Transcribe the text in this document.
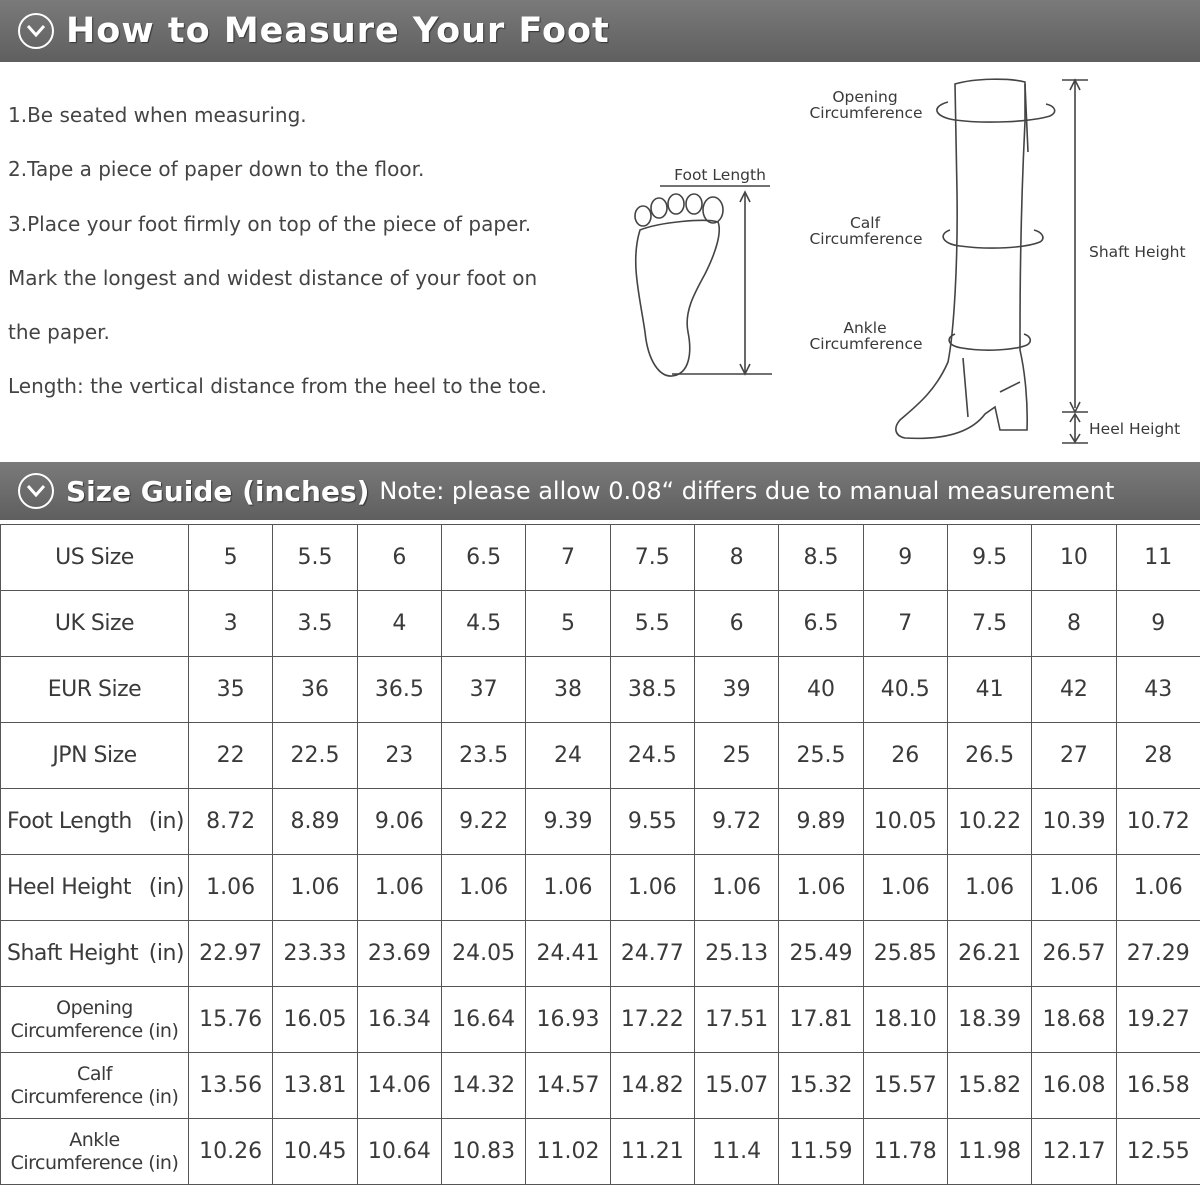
How to Measure Your Foot
1.Be seated when measuring.
2.Tape a piece of paper down to the floor.
3.Place your foot firmly on top of the piece of paper.
Mark the longest and widest distance of your foot on
the paper.
Length: the vertical distance from the heel to the toe.
Foot Length
Opening
Circumference
Calf
Circumference
Ankle
Circumference
Shaft Height
Heel Height
Size Guide (inches) Note: please allow 0.08“ differs due to manual measurement
US Size	5	5.5	6	6.5	7	7.5	8	8.5	9	9.5	10	11
UK Size	3	3.5	4	4.5	5	5.5	6	6.5	7	7.5	8	9
EUR Size	35	36	36.5	37	38	38.5	39	40	40.5	41	42	43
JPN Size	22	22.5	23	23.5	24	24.5	25	25.5	26	26.5	27	28

Foot Length (in)	8.72	8.89	9.06	9.22	9.39	9.55	9.72	9.89	10.05	10.22	10.39	10.72

Heel Height (in)	1.06	1.06	1.06	1.06	1.06	1.06	1.06	1.06	1.06	1.06	1.06	1.06

Shaft Height (in)	22.97	23.33	23.69	24.05	24.41	24.77	25.13	25.49	25.85	26.21	26.57	27.29

Opening
Circumference (in)	15.76	16.05	16.34	16.64	16.93	17.22	17.51	17.81	18.10	18.39	18.68	19.27

Calf
Circumference (in)	13.56	13.81	14.06	14.32	14.57	14.82	15.07	15.32	15.57	15.82	16.08	16.58

Ankle
Circumference (in)	10.26	10.45	10.64	10.83	11.02	11.21	11.4	11.59	11.78	11.98	12.17	12.55
